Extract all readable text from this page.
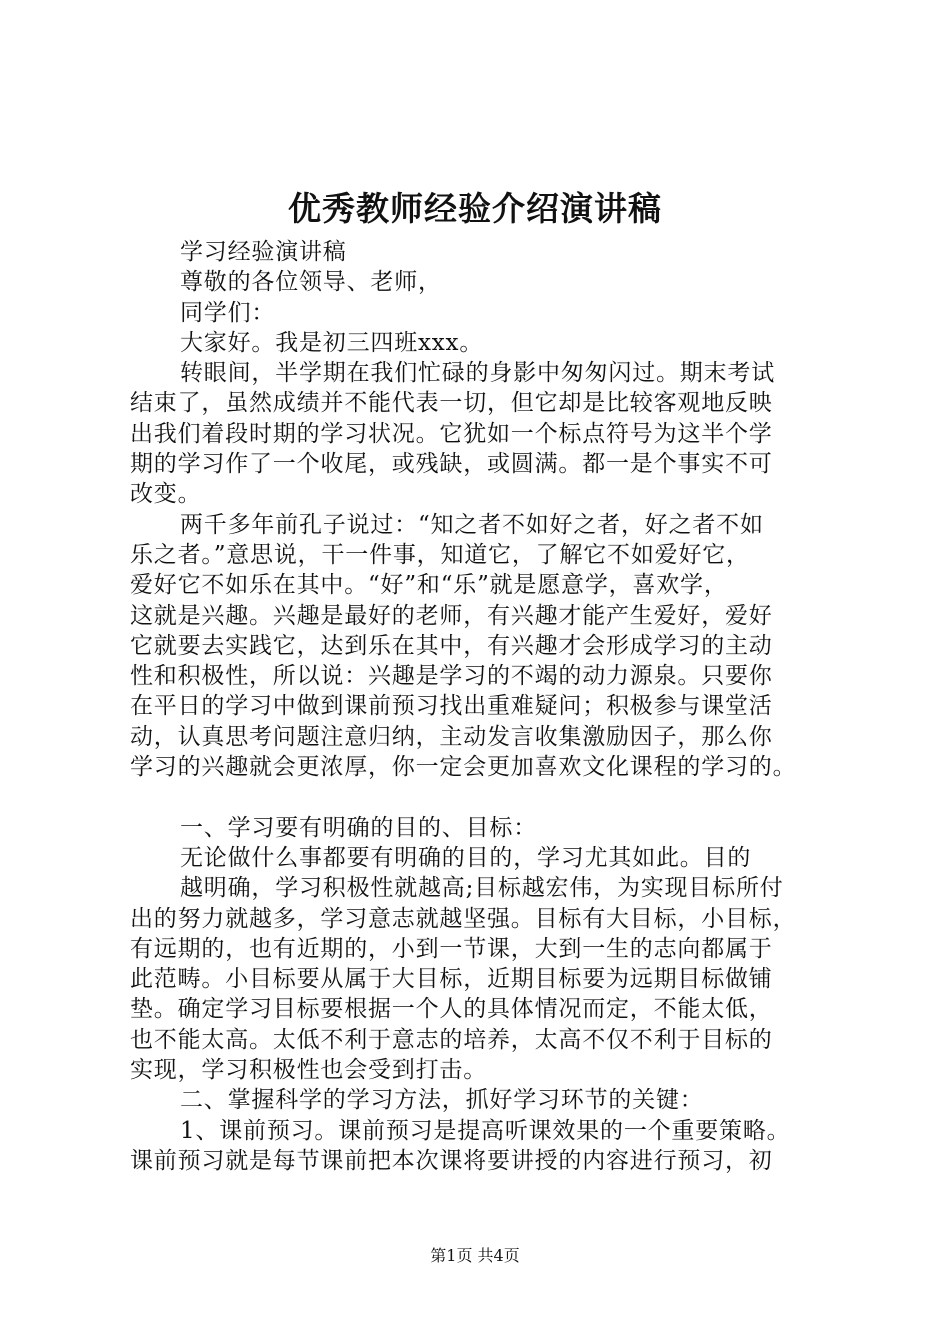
优秀教师经验介绍演讲稿
学习经验演讲稿
尊敬的各位领导、老师，
同学们：
大家好。我是初三四班xxx。
转眼间，半学期在我们忙碌的身影中匆匆闪过。期末考试
结束了，虽然成绩并不能代表一切，但它却是比较客观地反映
出我们着段时期的学习状况。它犹如一个标点符号为这半个学
期的学习作了一个收尾，或残缺，或圆满。都一是个事实不可
改变。
两千多年前孔子说过：“知之者不如好之者，好之者不如
乐之者。”意思说，干一件事，知道它，了解它不如爱好它，
爱好它不如乐在其中。“好”和“乐”就是愿意学，喜欢学，
这就是兴趣。兴趣是最好的老师，有兴趣才能产生爱好，爱好
它就要去实践它，达到乐在其中，有兴趣才会形成学习的主动
性和积极性，所以说：兴趣是学习的不竭的动力源泉。只要你
在平日的学习中做到课前预习找出重难疑问；积极参与课堂活
动，认真思考问题注意归纳，主动发言收集激励因子，那么你
学习的兴趣就会更浓厚，你一定会更加喜欢文化课程的学习的。
一、学习要有明确的目的、目标：
无论做什么事都要有明确的目的，学习尤其如此。目的
越明确，学习积极性就越高;目标越宏伟，为实现目标所付
出的努力就越多，学习意志就越坚强。目标有大目标，小目标，
有远期的，也有近期的，小到一节课，大到一生的志向都属于
此范畴。小目标要从属于大目标，近期目标要为远期目标做铺
垫。确定学习目标要根据一个人的具体情况而定，不能太低，
也不能太高。太低不利于意志的培养，太高不仅不利于目标的
实现，学习积极性也会受到打击。
二、掌握科学的学习方法，抓好学习环节的关键：
1、课前预习。课前预习是提高听课效果的一个重要策略。
课前预习就是每节课前把本次课将要讲授的内容进行预习，初
第1页 共4页
